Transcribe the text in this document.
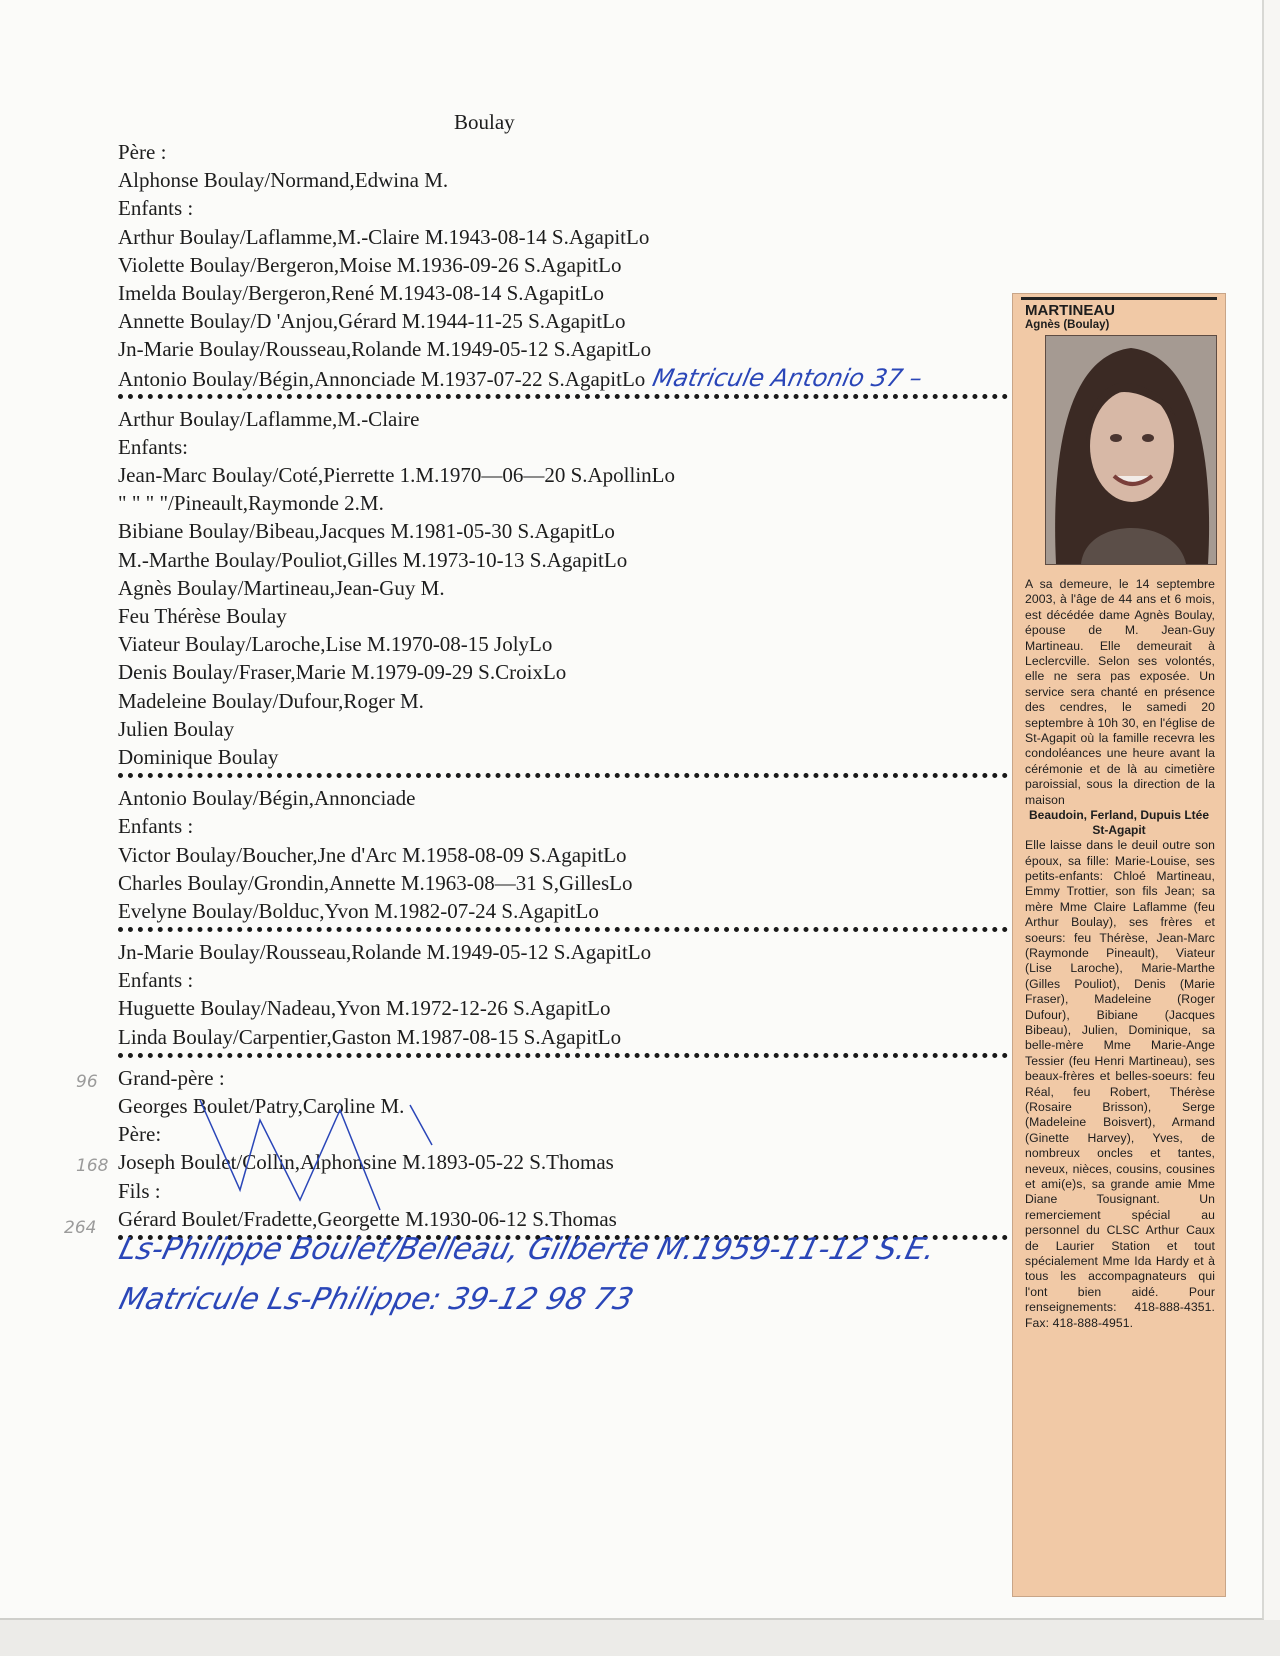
Boulay
Père :
Alphonse Boulay/Normand,Edwina M.
Enfants :
Arthur Boulay/Laflamme,M.-Claire M.1943-08-14 S.AgapitLo
Violette Boulay/Bergeron,Moise M.1936-09-26 S.AgapitLo
Imelda Boulay/Bergeron,René M.1943-08-14 S.AgapitLo
Annette Boulay/D 'Anjou,Gérard M.1944-11-25 S.AgapitLo
Jn-Marie Boulay/Rousseau,Rolande M.1949-05-12 S.AgapitLo
Antonio Boulay/Bégin,Annonciade M.1937-07-22 S.AgapitLo Matricule Antonio 37 –
Arthur Boulay/Laflamme,M.-Claire
Enfants:
Jean-Marc Boulay/Coté,Pierrette 1.M.1970—06—20 S.ApollinLo
" " " "/Pineault,Raymonde 2.M.
Bibiane Boulay/Bibeau,Jacques M.1981-05-30 S.AgapitLo
M.-Marthe Boulay/Pouliot,Gilles M.1973-10-13 S.AgapitLo
Agnès Boulay/Martineau,Jean-Guy M.
Feu Thérèse Boulay
Viateur Boulay/Laroche,Lise M.1970-08-15 JolyLo
Denis Boulay/Fraser,Marie M.1979-09-29 S.CroixLo
Madeleine Boulay/Dufour,Roger M.
Julien Boulay
Dominique Boulay
Antonio Boulay/Bégin,Annonciade
Enfants :
Victor Boulay/Boucher,Jne d'Arc M.1958-08-09 S.AgapitLo
Charles Boulay/Grondin,Annette M.1963-08—31 S,GillesLo
Evelyne Boulay/Bolduc,Yvon M.1982-07-24 S.AgapitLo
Jn-Marie Boulay/Rousseau,Rolande M.1949-05-12 S.AgapitLo
Enfants :
Huguette Boulay/Nadeau,Yvon M.1972-12-26 S.AgapitLo
Linda Boulay/Carpentier,Gaston M.1987-08-15 S.AgapitLo
Grand-père :
Georges Boulet/Patry,Caroline M.
Père:
Joseph Boulet/Collin,Alphonsine M.1893-05-22 S.Thomas
Fils :
Gérard Boulet/Fradette,Georgette M.1930-06-12 S.Thomas
96
168
264
Ls-Philippe Boulet/Belleau, Gilberte M.1959-11-12 S.E.
Matricule Ls-Philippe: 39-12 98 73
MARTINEAU
Agnès (Boulay)
A sa demeure, le 14 septembre 2003, à l'âge de 44 ans et 6 mois, est décédée dame Agnès Boulay, épouse de M. Jean-Guy Martineau. Elle demeurait à Leclercville. Selon ses volontés, elle ne sera pas exposée. Un service sera chanté en présence des cendres, le samedi 20 septembre à 10h 30, en l'église de St-Agapit où la famille recevra les condoléances une heure avant la cérémonie et de là au cimetière paroissial, sous la direction de la maison
Beaudoin, Ferland, Dupuis Ltée St-Agapit
Elle laisse dans le deuil outre son époux, sa fille: Marie-Louise, ses petits-enfants: Chloé Martineau, Emmy Trottier, son fils Jean; sa mère Mme Claire Laflamme (feu Arthur Boulay), ses frères et soeurs: feu Thérèse, Jean-Marc (Raymonde Pineault), Viateur (Lise Laroche), Marie-Marthe (Gilles Pouliot), Denis (Marie Fraser), Madeleine (Roger Dufour), Bibiane (Jacques Bibeau), Julien, Dominique, sa belle-mère Mme Marie-Ange Tessier (feu Henri Martineau), ses beaux-frères et belles-soeurs: feu Réal, feu Robert, Thérèse (Rosaire Brisson), Serge (Madeleine Boisvert), Armand (Ginette Harvey), Yves, de nombreux oncles et tantes, neveux, nièces, cousins, cousines et ami(e)s, sa grande amie Mme Diane Tousignant. Un remerciement spécial au personnel du CLSC Arthur Caux de Laurier Station et tout spécialement Mme Ida Hardy et à tous les accompagnateurs qui l'ont bien aidé. Pour renseignements: 418-888-4351. Fax: 418-888-4951.
